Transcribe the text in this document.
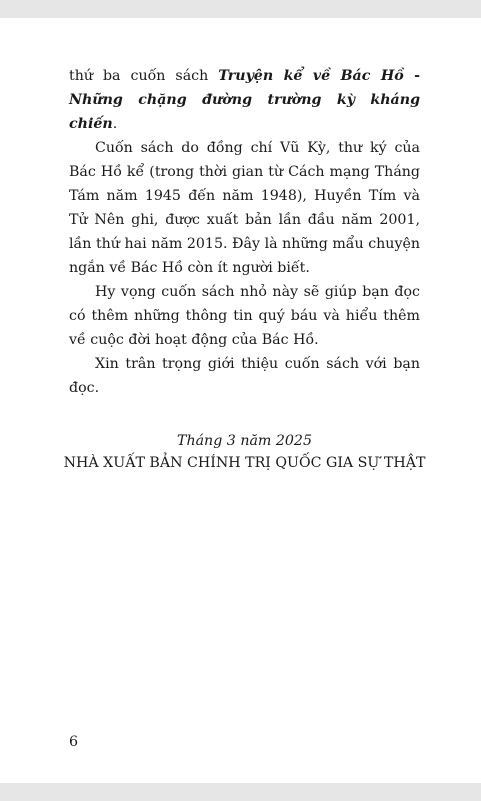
thứ ba cuốn sách Truyện kể về Bác Hồ - Những chặng đường trường kỳ kháng chiến.

Cuốn sách do đồng chí Vũ Kỳ, thư ký của Bác Hồ kể (trong thời gian từ Cách mạng Tháng Tám năm 1945 đến năm 1948), Huyền Tím và Tử Nên ghi, được xuất bản lần đầu năm 2001, lần thứ hai năm 2015. Đây là những mẩu chuyện ngắn về Bác Hồ còn ít người biết.

Hy vọng cuốn sách nhỏ này sẽ giúp bạn đọc có thêm những thông tin quý báu và hiểu thêm về cuộc đời hoạt động của Bác Hồ.

Xin trân trọng giới thiệu cuốn sách với bạn đọc.

Tháng 3 năm 2025
NHÀ XUẤT BẢN CHÍNH TRỊ QUỐC GIA SỰ THẬT
6
